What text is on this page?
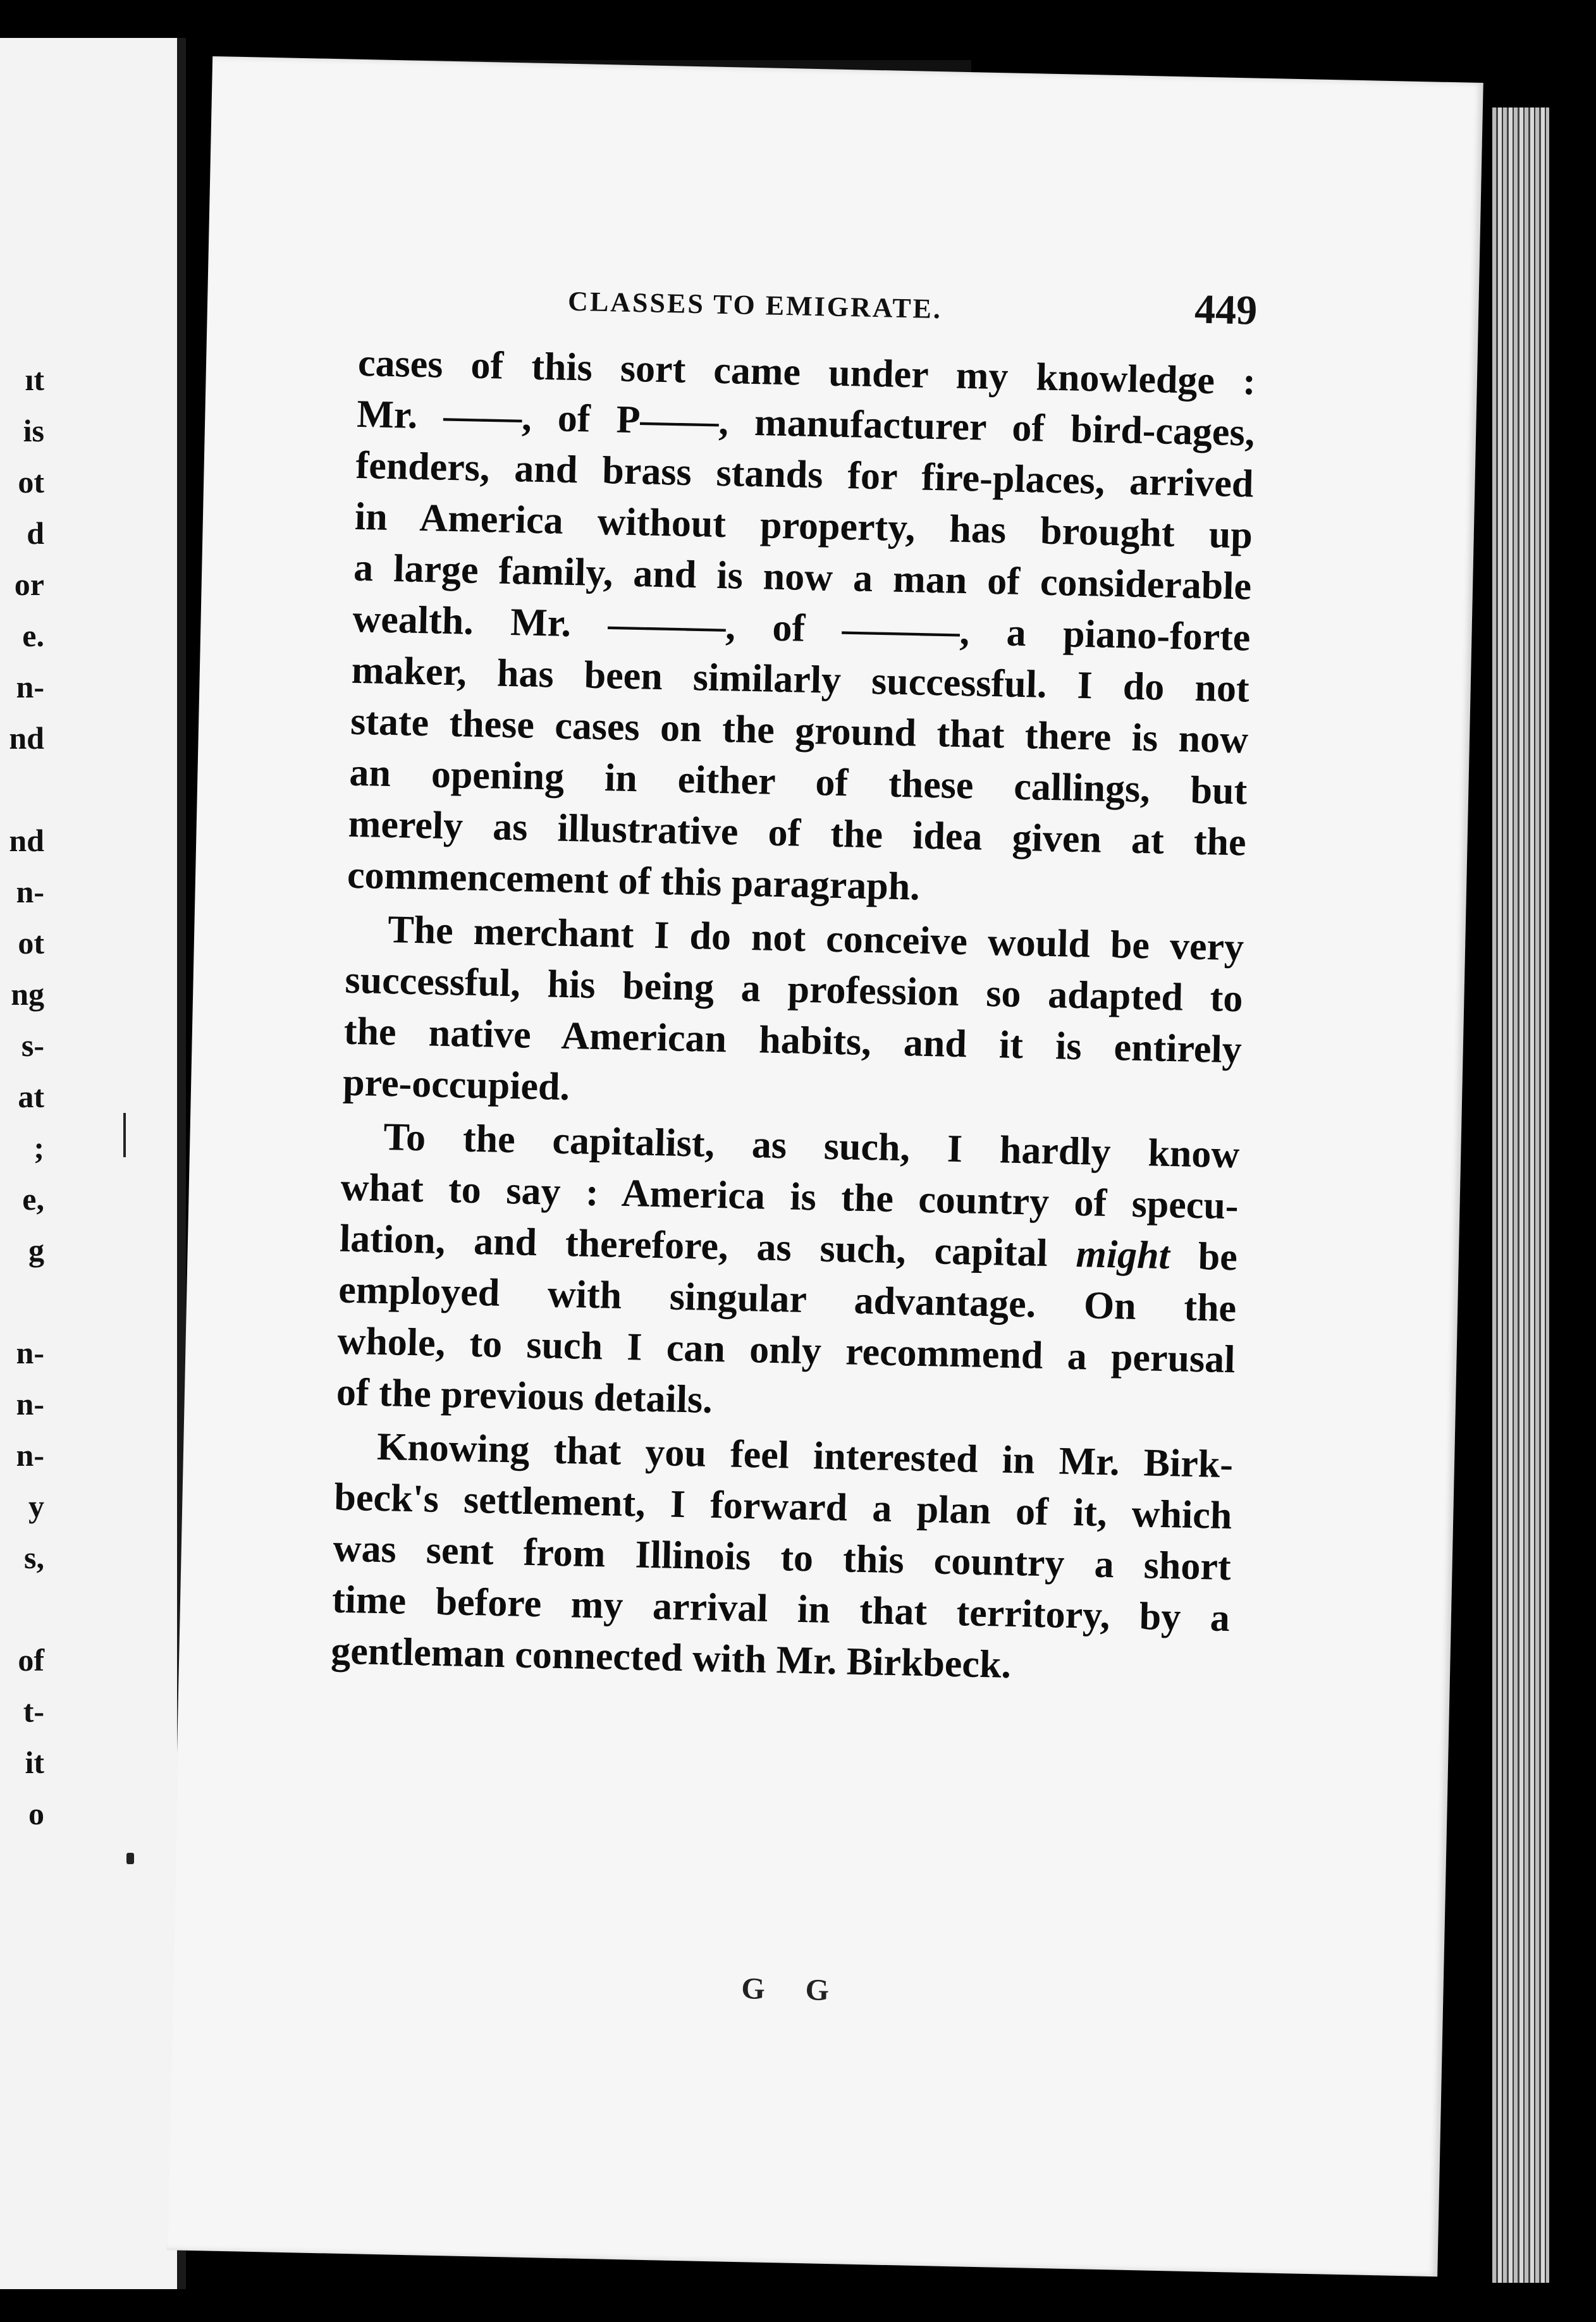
ıt
is
ot
d
or
e.
n-
nd
nd
n-
ot
ng
s-
at
;
e,
g
n-
n-
n-
y
s,
of
t-
it
o
CLASSES TO EMIGRATE.	449

cases of this sort came under my knowledge :
Mr. ——, of P——, manufacturer of bird-cages,
fenders, and brass stands for fire-places, arrived
in America without property, has brought up
a large family, and is now a man of considerable
wealth. Mr. ———, of ———, a piano-forte
maker, has been similarly successful. I do not
state these cases on the ground that there is now
an opening in either of these callings, but
merely as illustrative of the idea given at the
commencement of this paragraph.

The merchant I do not conceive would be very
successful, his being a profession so adapted to
the native American habits, and it is entirely
pre-occupied.

To the capitalist, as such, I hardly know
what to say : America is the country of specu-
lation, and therefore, as such, capital might be
employed with singular advantage. On the
whole, to such I can only recommend a perusal
of the previous details.

Knowing that you feel interested in Mr. Birk-
beck's settlement, I forward a plan of it, which
was sent from Illinois to this country a short
time before my arrival in that territory, by a
gentleman connected with Mr. Birkbeck.

G G
